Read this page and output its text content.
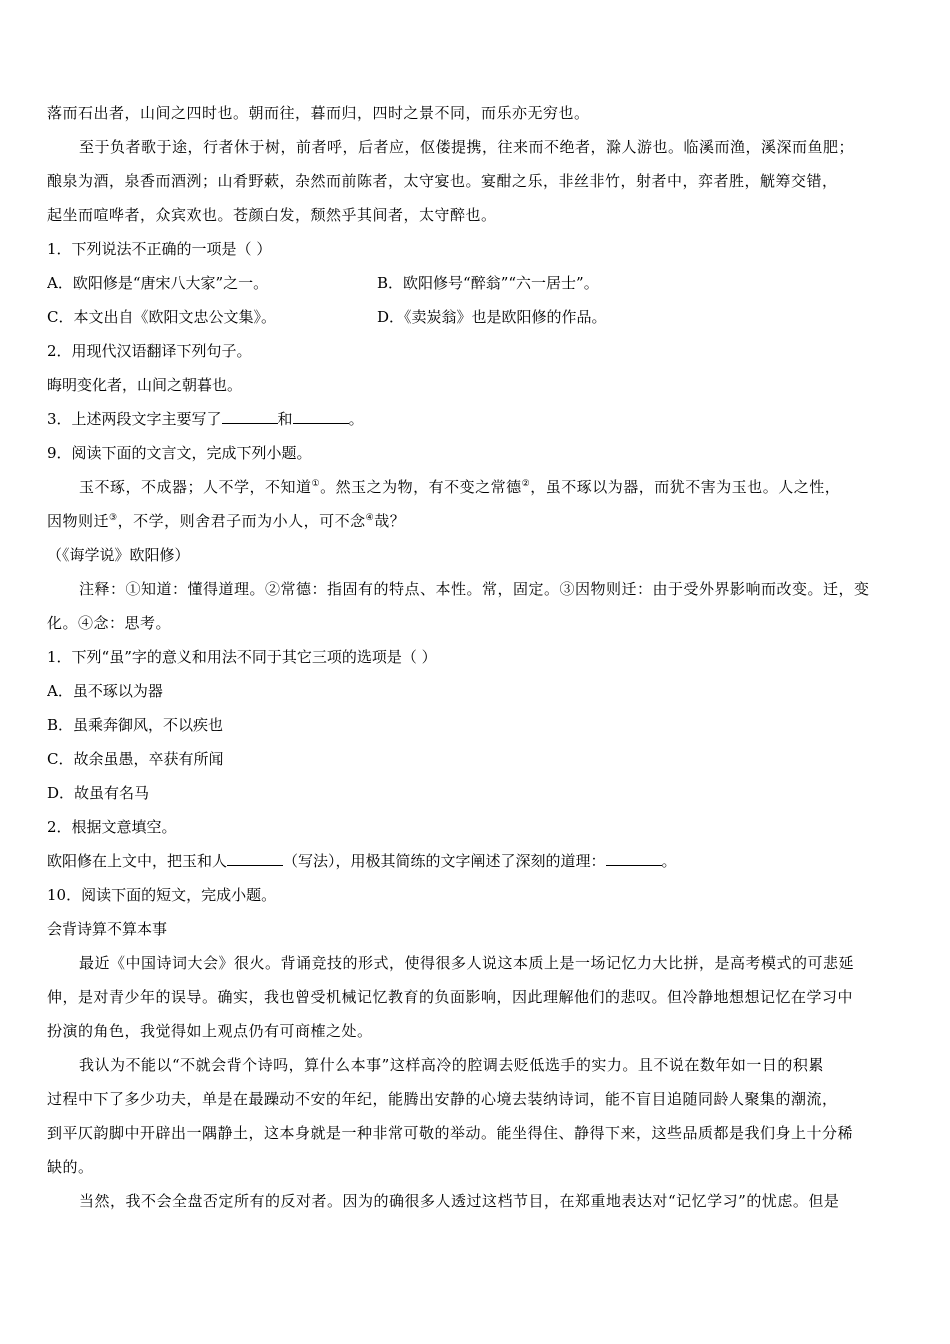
落而石出者，山间之四时也。朝而往，暮而归，四时之景不同，而乐亦无穷也。
至于负者歌于途，行者休于树，前者呼，后者应，伛偻提携，往来而不绝者，滁人游也。临溪而渔，溪深而鱼肥；
酿泉为酒，泉香而酒洌；山肴野蔌，杂然而前陈者，太守宴也。宴酣之乐，非丝非竹，射者中，弈者胜，觥筹交错，
起坐而喧哗者，众宾欢也。苍颜白发，颓然乎其间者，太守醉也。
1．下列说法不正确的一项是（ ）
A．欧阳修是“唐宋八大家”之一。	B．欧阳修号“醉翁”“六一居士”。
C．本文出自《欧阳文忠公文集》。	D．《卖炭翁》也是欧阳修的作品。
2．用现代汉语翻译下列句子。
晦明变化者，山间之朝暮也。
3．上述两段文字主要写了	和	。
9．阅读下面的文言文，完成下列小题。
玉不琢，不成器；人不学，不知道①。然玉之为物，有不变之常德②，虽不琢以为器，而犹不害为玉也。人之性，
因物则迁③，不学，则舍君子而为小人，可不念④哉？
（《诲学说》欧阳修）
注释：①知道：懂得道理。②常德：指固有的特点、本性。常，固定。③因物则迁：由于受外界影响而改变。迁，变
化。④念：思考。
1．下列“虽”字的意义和用法不同于其它三项的选项是（ ）
A．虽不琢以为器
B．虽乘奔御风，不以疾也
C．故余虽愚，卒获有所闻
D．故虽有名马
2．根据文意填空。
欧阳修在上文中，把玉和人	（写法），用极其简练的文字阐述了深刻的道理：	。
10．阅读下面的短文，完成小题。
会背诗算不算本事
最近《中国诗词大会》很火。背诵竞技的形式，使得很多人说这本质上是一场记忆力大比拼，是高考模式的可悲延
伸，是对青少年的误导。确实，我也曾受机械记忆教育的负面影响，因此理解他们的悲叹。但冷静地想想记忆在学习中
扮演的角色，我觉得如上观点仍有可商榷之处。
我认为不能以“不就会背个诗吗，算什么本事”这样高冷的腔调去贬低选手的实力。且不说在数年如一日的积累
过程中下了多少功夫，单是在最躁动不安的年纪，能腾出安静的心境去装纳诗词，能不盲目追随同龄人聚集的潮流，
到平仄韵脚中开辟出一隅静土，这本身就是一种非常可敬的举动。能坐得住、静得下来，这些品质都是我们身上十分稀
缺的。
当然，我不会全盘否定所有的反对者。因为的确很多人透过这档节目，在郑重地表达对“记忆学习”的忧虑。但是
